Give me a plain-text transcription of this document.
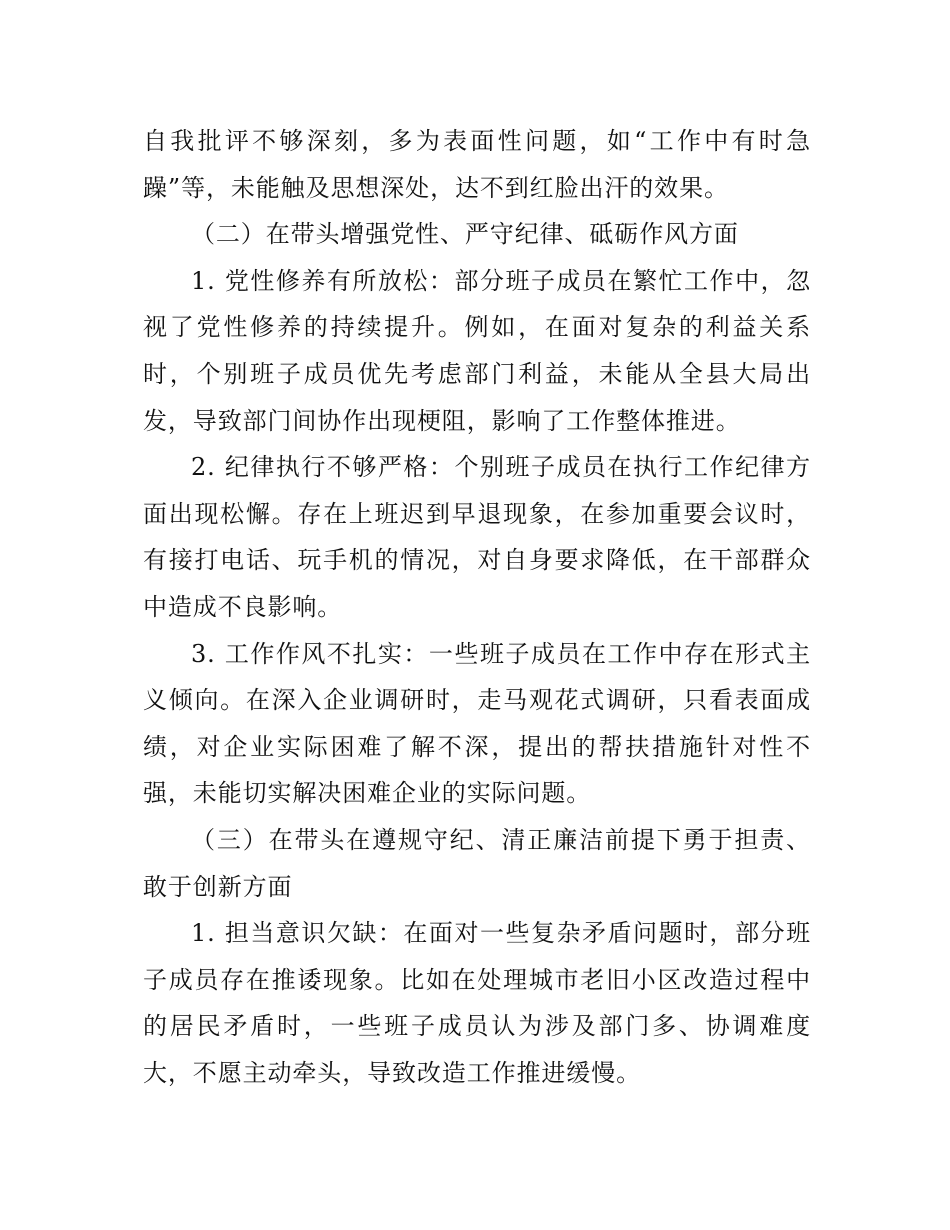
自我批评不够深刻，多为表面性问题，如“工作中有时急躁”等，未能触及思想深处，达不到红脸出汗的效果。

（二）在带头增强党性、严守纪律、砥砺作风方面

1. 党性修养有所放松：部分班子成员在繁忙工作中，忽视了党性修养的持续提升。例如，在面对复杂的利益关系时，个别班子成员优先考虑部门利益，未能从全县大局出发，导致部门间协作出现梗阻，影响了工作整体推进。

2. 纪律执行不够严格：个别班子成员在执行工作纪律方面出现松懈。存在上班迟到早退现象，在参加重要会议时，有接打电话、玩手机的情况，对自身要求降低，在干部群众中造成不良影响。

3. 工作作风不扎实：一些班子成员在工作中存在形式主义倾向。在深入企业调研时，走马观花式调研，只看表面成绩，对企业实际困难了解不深，提出的帮扶措施针对性不强，未能切实解决困难企业的实际问题。

（三）在带头在遵规守纪、清正廉洁前提下勇于担责、敢于创新方面

1. 担当意识欠缺：在面对一些复杂矛盾问题时，部分班子成员存在推诿现象。比如在处理城市老旧小区改造过程中的居民矛盾时，一些班子成员认为涉及部门多、协调难度大，不愿主动牵头，导致改造工作推进缓慢。
